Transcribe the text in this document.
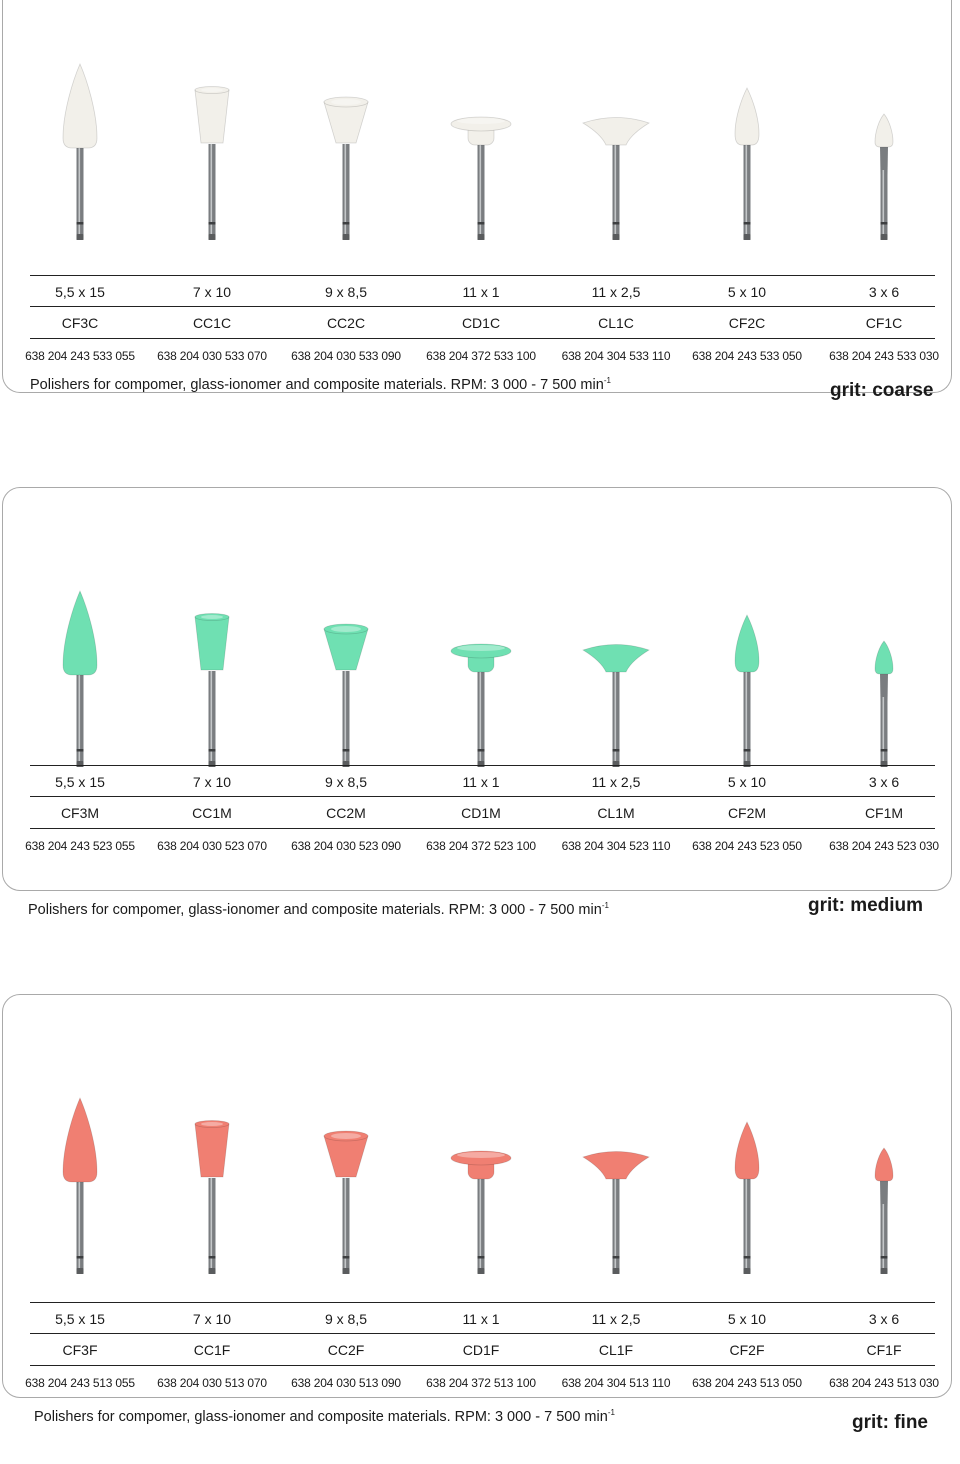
5,5 x 15	7 x 10	9 x 8,5	11 x 1	11 x 2,5	5 x 10	3 x 6
CF3C	CC1C	CC2C	CD1C	CL1C	CF2C	CF1C
638 204 243 533 055	638 204 030 533 070	638 204 030 533 090	638 204 372 533 100	638 204 304 533 110	638 204 243 533 050	638 204 243 533 030
Polishers for compomer, glass-ionomer and composite materials. RPM: 3 000 - 7 500 $\min^{-1}$	grit: coarse
5,5 x 15	7 x 10	9 x 8,5	11 x 1	11 x 2,5	5 x 10	3 x 6
CF3M	CC1M	CC2M	CD1M	CL1M	CF2M	CF1M
638 204 243 523 055	638 204 030 523 070	638 204 030 523 090	638 204 372 523 100	638 204 304 523 110	638 204 243 523 050	638 204 243 523 030
Polishers for compomer, glass-ionomer and composite materials. RPM: 3 000 - 7 500 $\min^{-1}$	grit: medium
5,5 x 15	7 x 10	9 x 8,5	11 x 1	11 x 2,5	5 x 10	3 x 6
CF3F	CC1F	CC2F	CD1F	CL1F	CF2F	CF1F
638 204 243 513 055	638 204 030 513 070	638 204 030 513 090	638 204 372 513 100	638 204 304 513 110	638 204 243 513 050	638 204 243 513 030
Polishers for compomer, glass-ionomer and composite materials. RPM: 3 000 - 7 500 $\min^{-1}$	grit: fine
